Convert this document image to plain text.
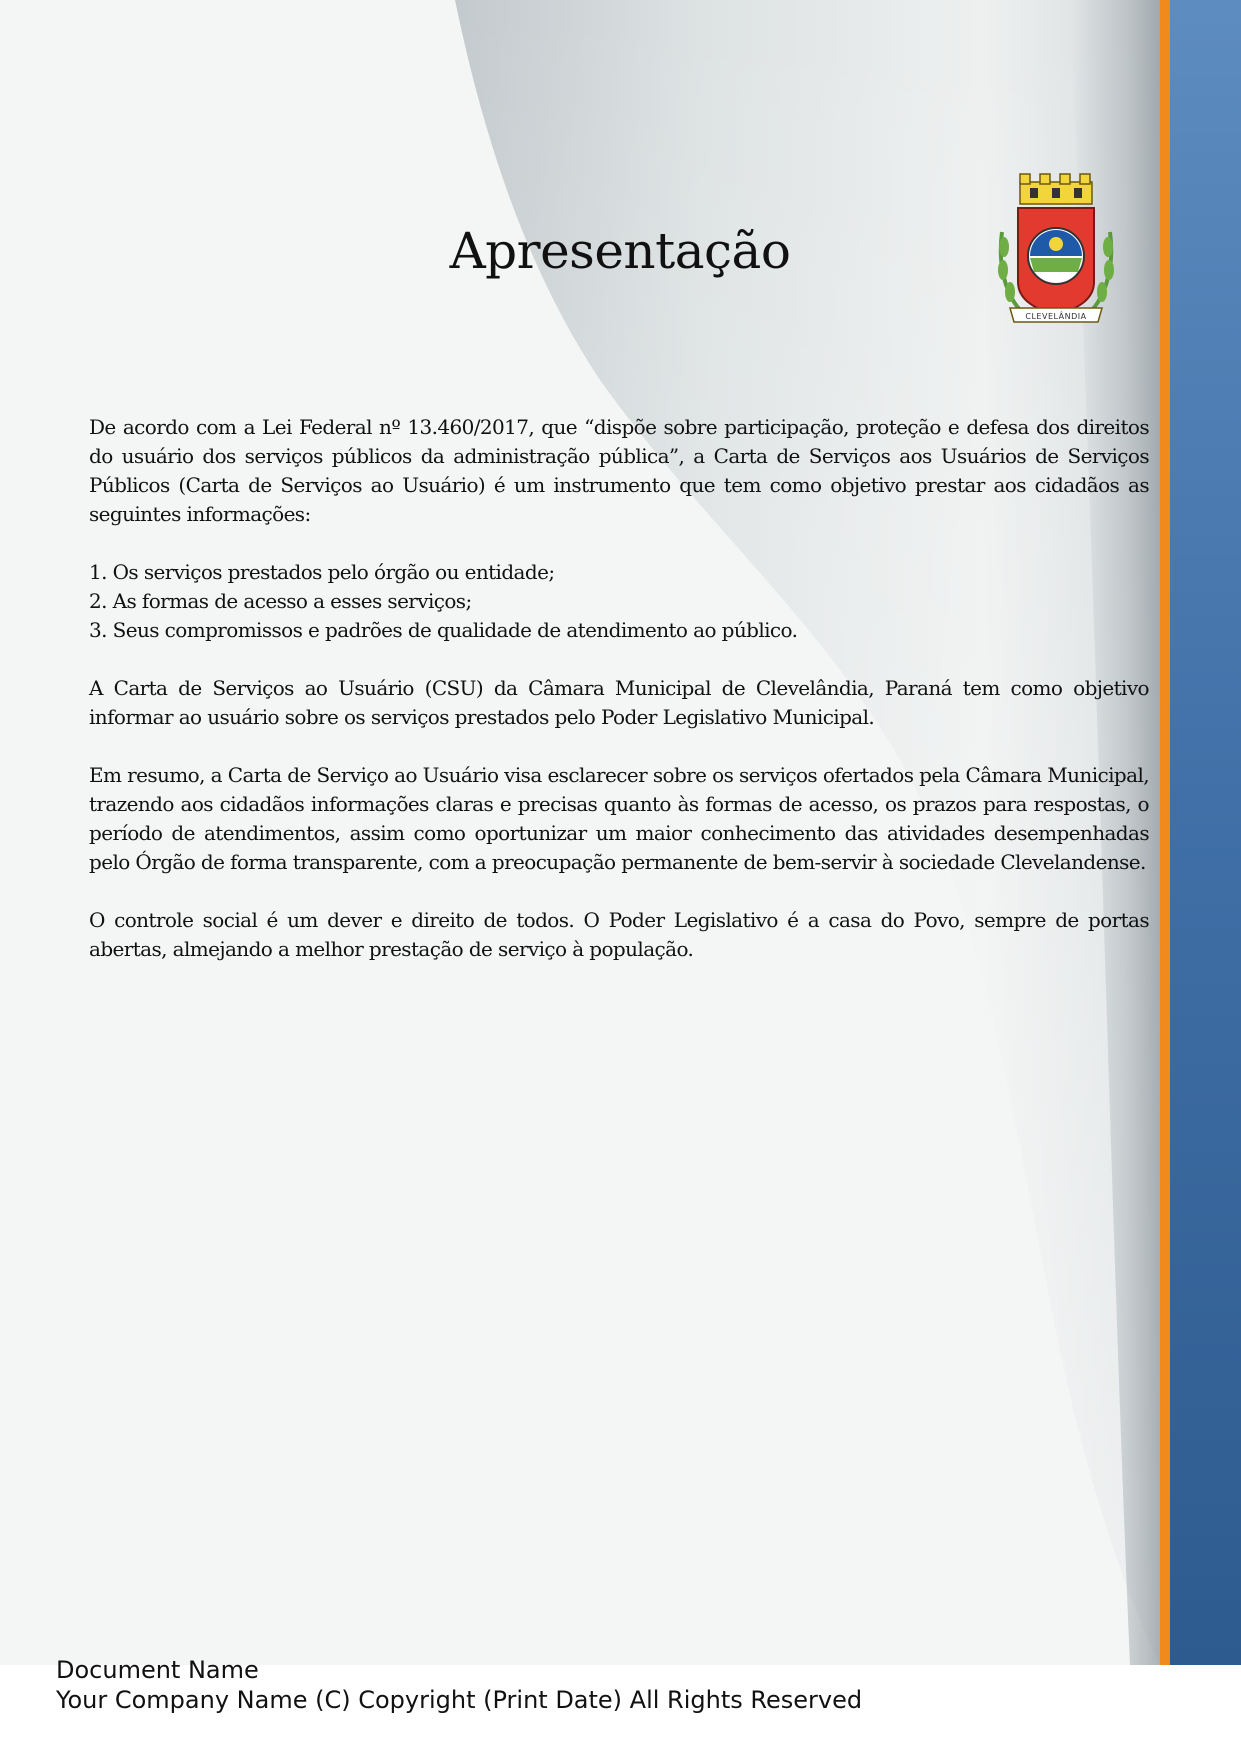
Apresentação
CLEVELÂNDIA

De acordo com a Lei Federal nº 13.460/2017, que “dispõe sobre participação, proteção e defesa dos direitos do usuário dos serviços públicos da administração pública”, a Carta de Serviços aos Usuários de Serviços Públicos (Carta de Serviços ao Usuário) é um instrumento que tem como objetivo prestar aos cidadãos as seguintes informações:

1. Os serviços prestados pelo órgão ou entidade;
2. As formas de acesso a esses serviços;
3. Seus compromissos e padrões de qualidade de atendimento ao público.

A Carta de Serviços ao Usuário (CSU) da Câmara Municipal de Clevelândia, Paraná tem como objetivo informar ao usuário sobre os serviços prestados pelo Poder Legislativo Municipal.

Em resumo, a Carta de Serviço ao Usuário visa esclarecer sobre os serviços ofertados pela Câmara Municipal, trazendo aos cidadãos informações claras e precisas quanto às formas de acesso, os prazos para respostas, o período de atendimentos, assim como oportunizar um maior conhecimento das atividades desempenhadas pelo Órgão de forma transparente, com a preocupação permanente de bem-servir à sociedade Clevelandense.

O controle social é um dever e direito de todos. O Poder Legislativo é a casa do Povo, sempre de portas abertas, almejando a melhor prestação de serviço à população.

Document Name
Your Company Name (C) Copyright (Print Date) All Rights Reserved
